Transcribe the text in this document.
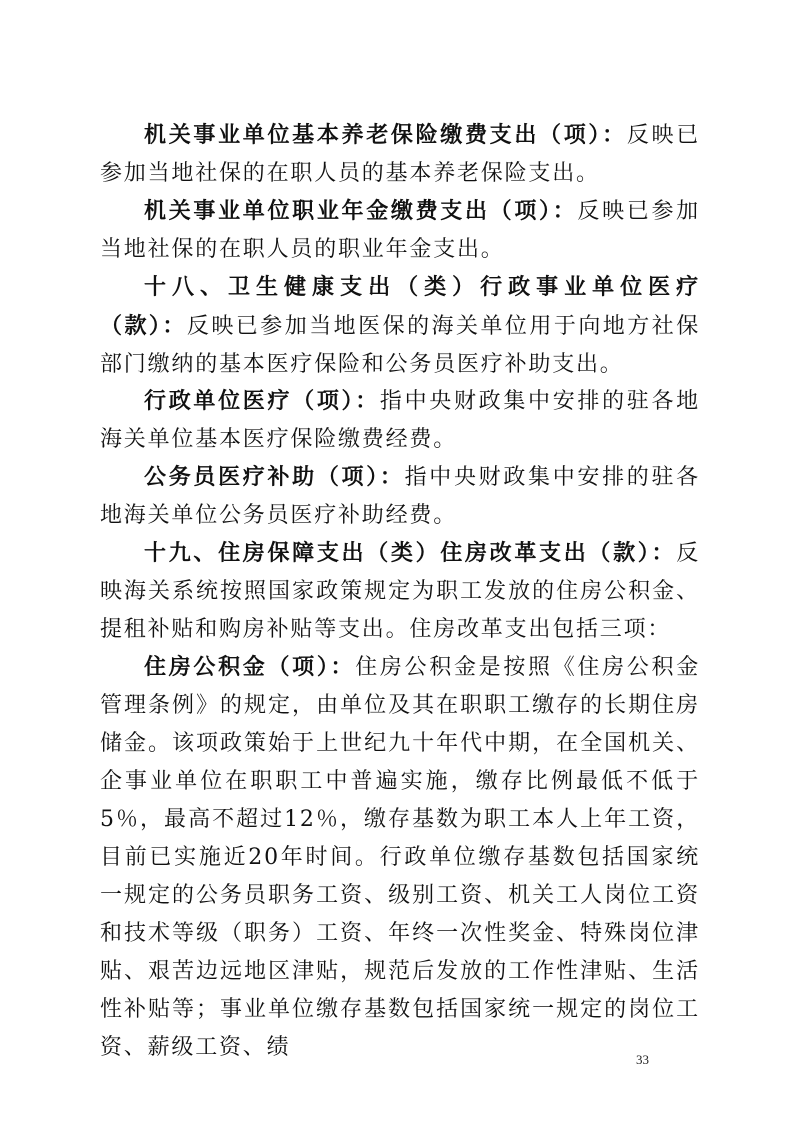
机关事业单位基本养老保险缴费支出（项）：反映已参加当地社保的在职人员的基本养老保险支出。

机关事业单位职业年金缴费支出（项）：反映已参加当地社保的在职人员的职业年金支出。

十八、卫生健康支出（类）行政事业单位医疗（款）：反映已参加当地医保的海关单位用于向地方社保部门缴纳的基本医疗保险和公务员医疗补助支出。

行政单位医疗（项）：指中央财政集中安排的驻各地海关单位基本医疗保险缴费经费。

公务员医疗补助（项）：指中央财政集中安排的驻各地海关单位公务员医疗补助经费。

十九、住房保障支出（类）住房改革支出（款）：反映海关系统按照国家政策规定为职工发放的住房公积金、提租补贴和购房补贴等支出。住房改革支出包括三项：

住房公积金（项）：住房公积金是按照《住房公积金管理条例》的规定，由单位及其在职职工缴存的长期住房储金。该项政策始于上世纪九十年代中期，在全国机关、企事业单位在职职工中普遍实施，缴存比例最低不低于5％，最高不超过12％，缴存基数为职工本人上年工资，目前已实施近20年时间。行政单位缴存基数包括国家统一规定的公务员职务工资、级别工资、机关工人岗位工资和技术等级（职务）工资、年终一次性奖金、特殊岗位津贴、艰苦边远地区津贴，规范后发放的工作性津贴、生活性补贴等；事业单位缴存基数包括国家统一规定的岗位工资、薪级工资、绩	33
